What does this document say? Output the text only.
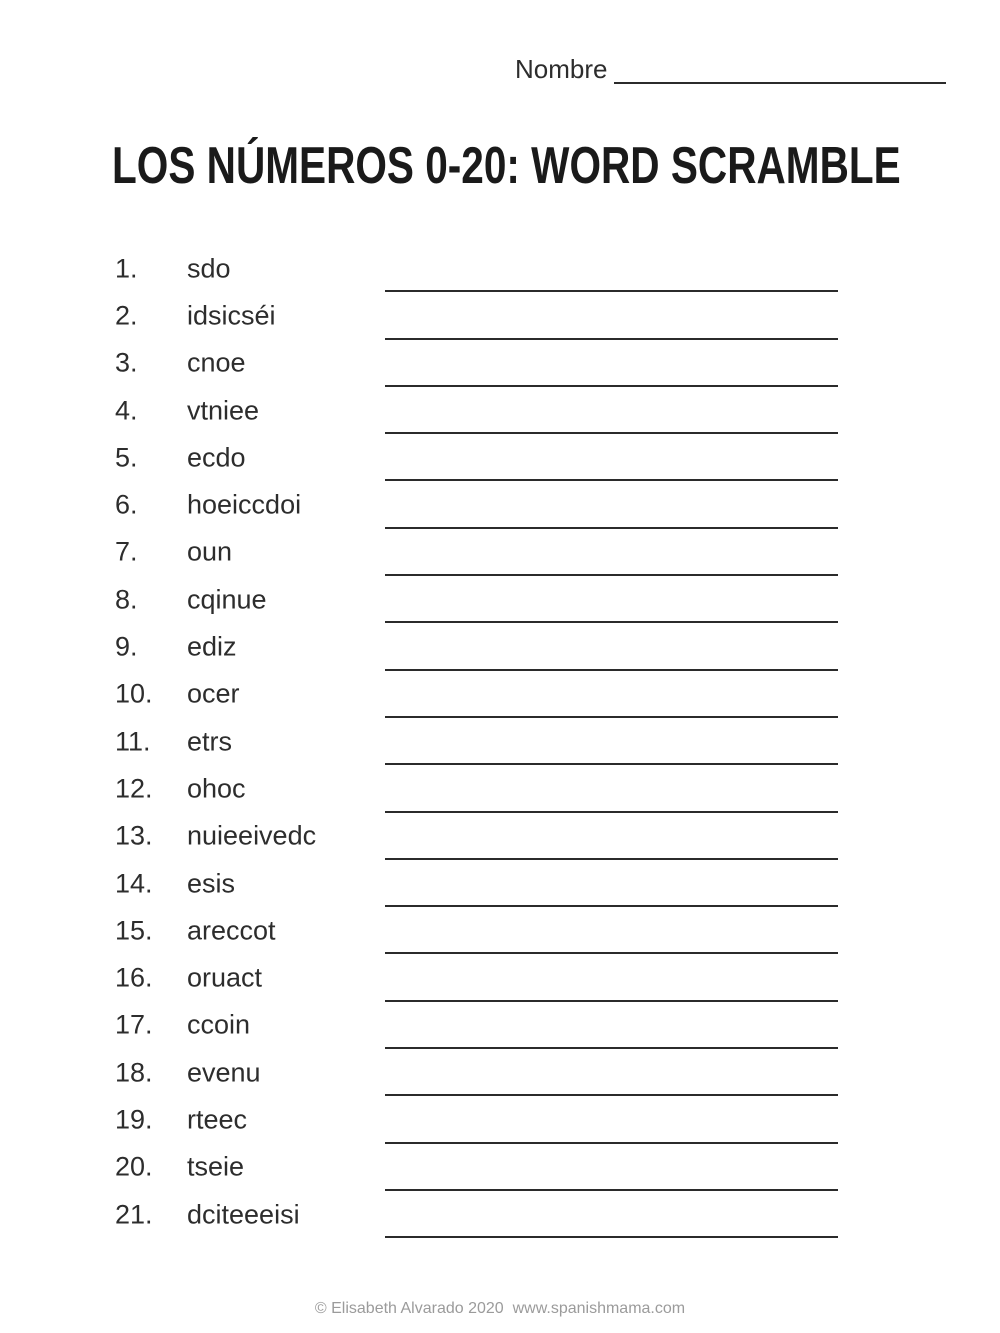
Nombre
LOS NÚMEROS 0-20: WORD SCRAMBLE
1. sdo
2. idsicséi
3. cnoe
4. vtniee
5. ecdo
6. hoeiccdoi
7. oun
8. cqinue
9. ediz
10. ocer
11. etrs
12. ohoc
13. nuieeivedc
14. esis
15. areccot
16. oruact
17. ccoin
18. evenu
19. rteec
20. tseie
21. dciteeeisi
© Elisabeth Alvarado 2020  www.spanishmama.com
